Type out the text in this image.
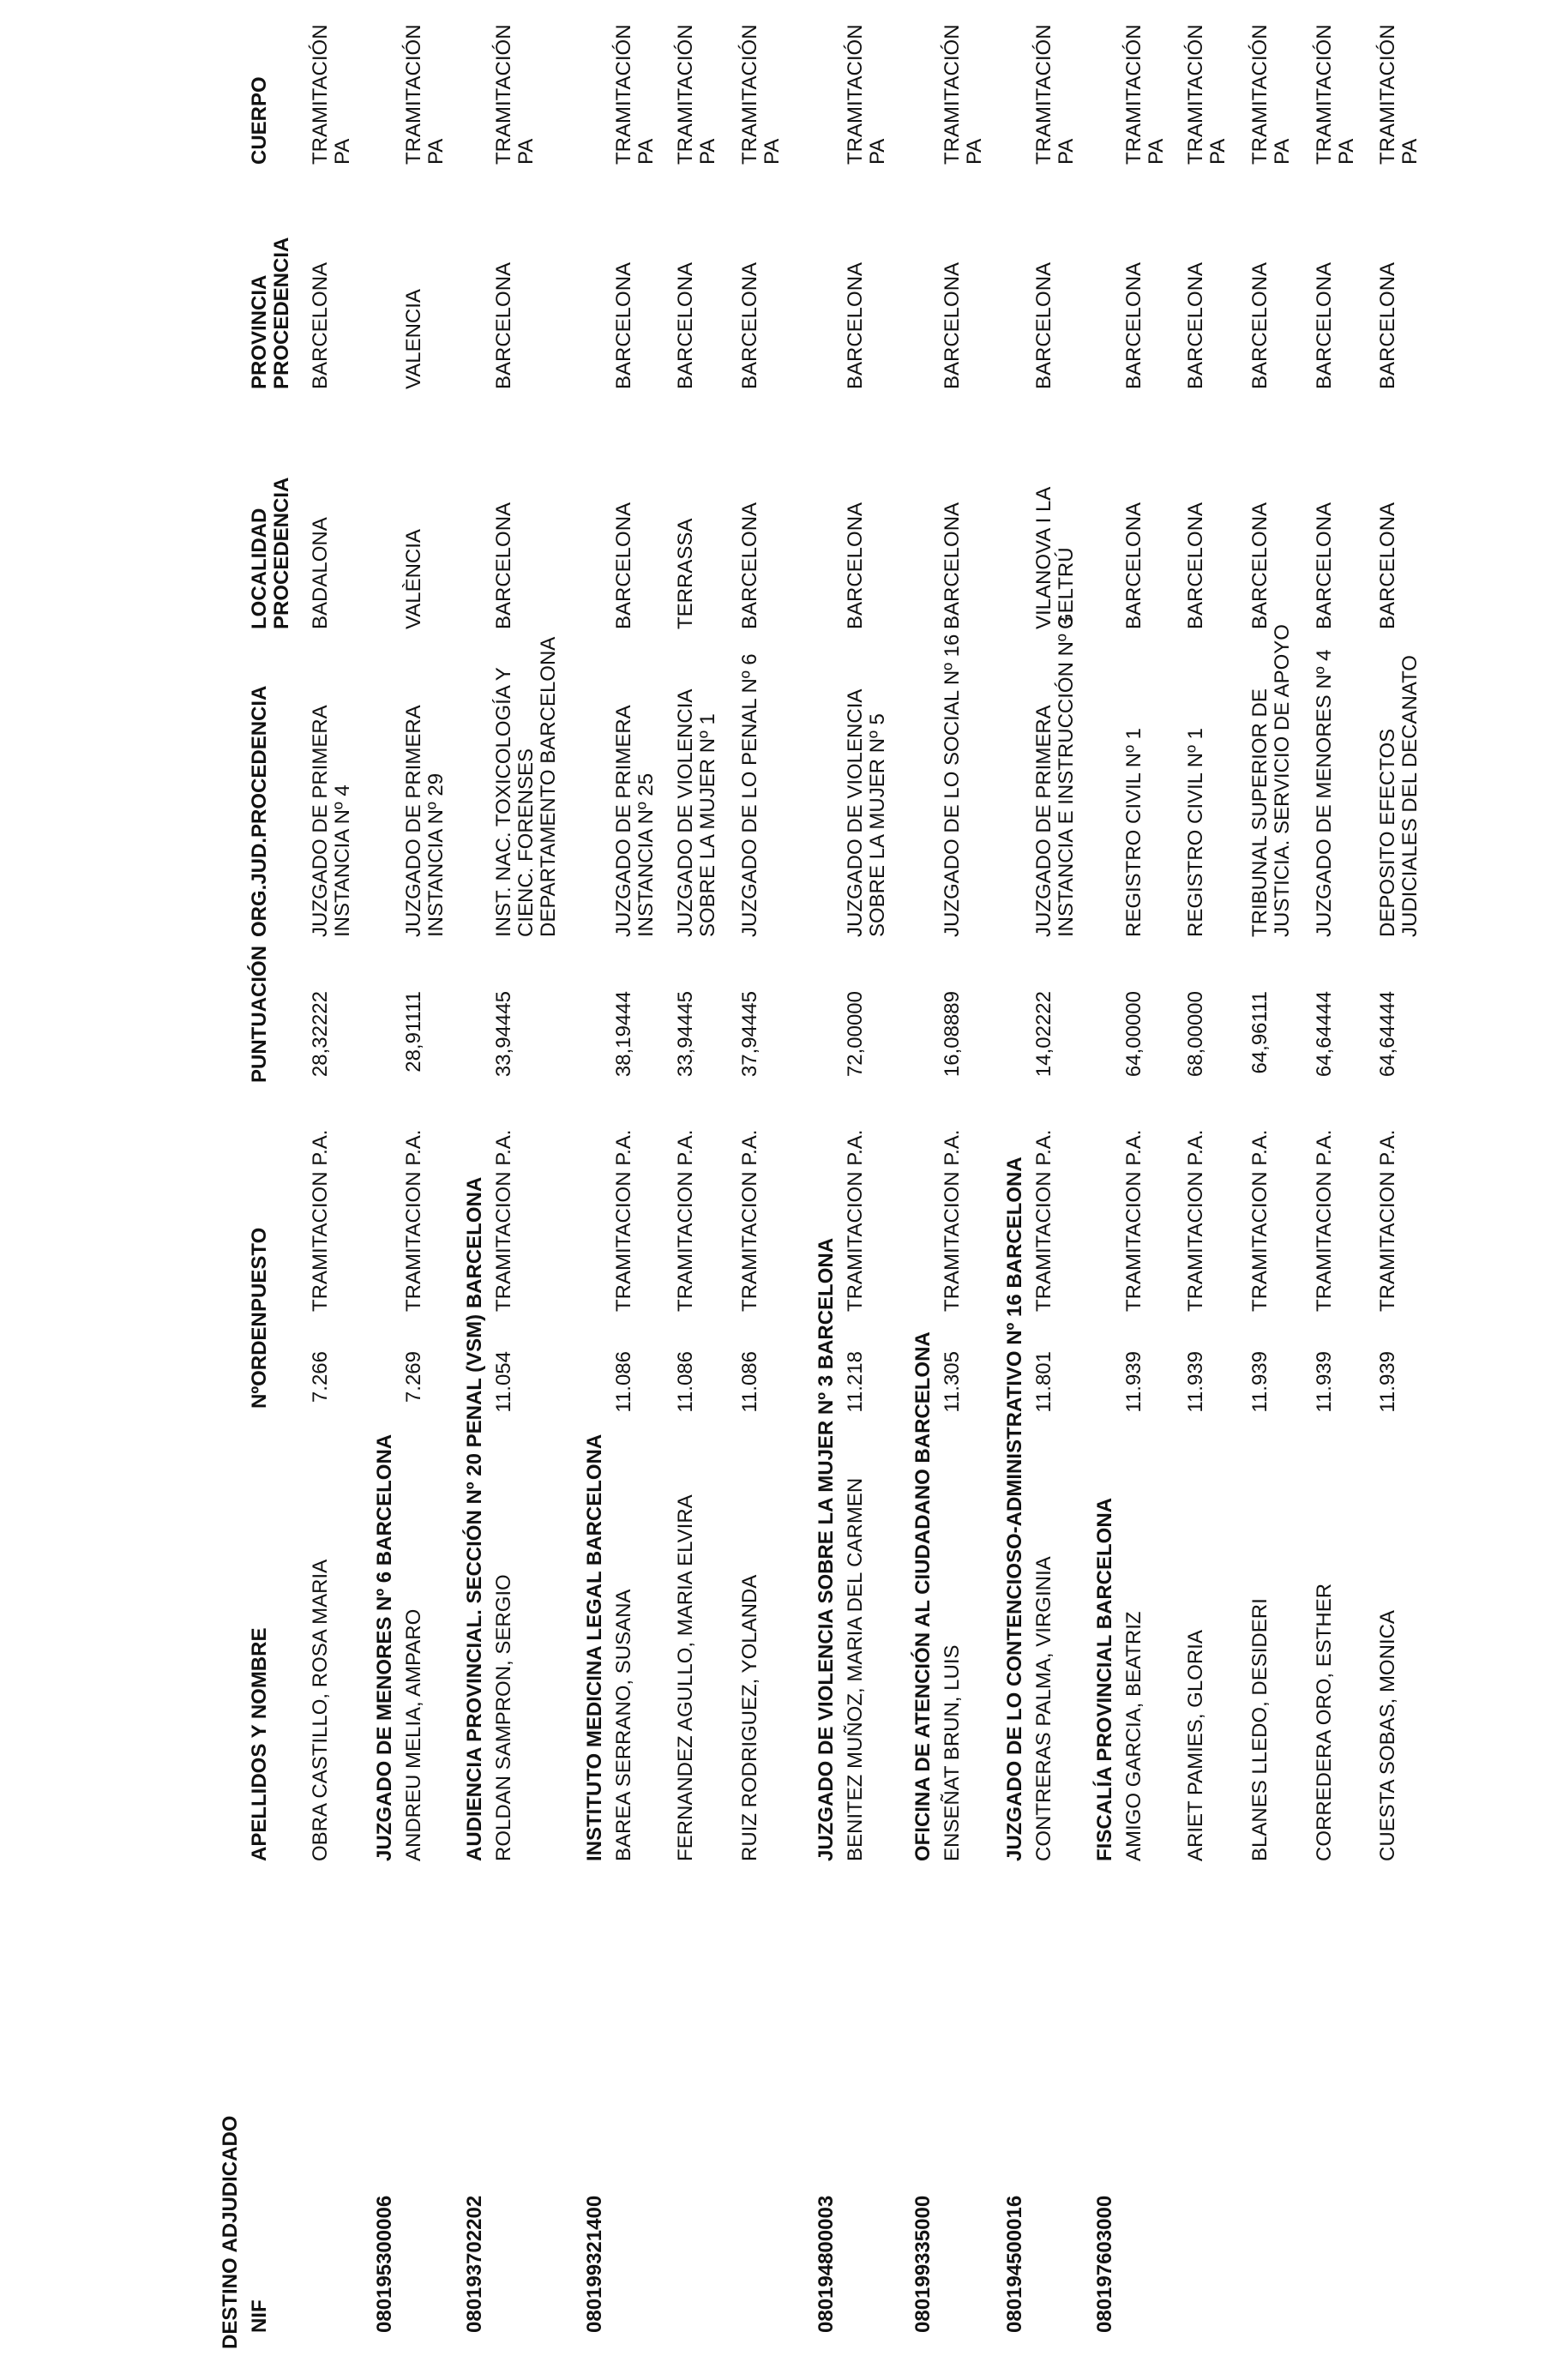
DESTINO ADJUDICADO NIF
APELLIDOS Y NOMBRE
NºORDEN
PUESTO
PUNTUACIÓN
ORG.JUD.PROCEDENCIA
LOCALIDAD PROCEDENCIA
PROVINCIA PROCEDENCIA
CUERPO
OBRA CASTILLO, ROSA MARIA
7.266
TRAMITACION P.A.
28,32222
JUZGADO DE PRIMERA INSTANCIA Nº 4
BADALONA
BARCELONA
TRAMITACIÓN PA
080195300006
JUZGADO DE MENORES Nº 6 BARCELONA ANDREU MELIA, AMPARO
7.269
TRAMITACION P.A.
28,91111
JUZGADO DE PRIMERA INSTANCIA Nº 29
VALÈNCIA
VALENCIA
TRAMITACIÓN PA
080193702202
AUDIENCIA PROVINCIAL. SECCIÓN Nº 20 PENAL (VSM) BARCELONA ROLDAN SAMPRON, SERGIO
11.054
TRAMITACION P.A.
33,94445
INST. NAC. TOXICOLOGÍA Y CIENC. FORENSES DEPARTAMENTO BARCELONA
BARCELONA
BARCELONA
TRAMITACIÓN PA
080199321400
INSTITUTO MEDICINA LEGAL BARCELONA BAREA SERRANO, SUSANA
11.086
TRAMITACION P.A.
38,19444
JUZGADO DE PRIMERA INSTANCIA Nº 25
BARCELONA
BARCELONA
TRAMITACIÓN PA
FERNANDEZ AGULLO, MARIA ELVIRA
11.086
TRAMITACION P.A.
33,94445
JUZGADO DE VIOLENCIA SOBRE LA MUJER Nº 1
TERRASSA
BARCELONA
TRAMITACIÓN PA
RUIZ RODRIGUEZ, YOLANDA
11.086
TRAMITACION P.A.
37,94445
JUZGADO DE LO PENAL Nº 6
BARCELONA
BARCELONA
TRAMITACIÓN PA
080194800003
JUZGADO DE VIOLENCIA SOBRE LA MUJER Nº 3 BARCELONA BENITEZ MUÑOZ, MARIA DEL CARMEN
11.218
TRAMITACION P.A.
72,00000
JUZGADO DE VIOLENCIA SOBRE LA MUJER Nº 5
BARCELONA
BARCELONA
TRAMITACIÓN PA
080199335000
OFICINA DE ATENCIÓN AL CIUDADANO BARCELONA ENSEÑAT BRUN, LUIS
11.305
TRAMITACION P.A.
16,08889
JUZGADO DE LO SOCIAL Nº 16
BARCELONA
BARCELONA
TRAMITACIÓN PA
080194500016
JUZGADO DE LO CONTENCIOSO-ADMINISTRATIVO Nº 16 BARCELONA CONTRERAS PALMA, VIRGINIA
11.801
TRAMITACION P.A.
14,02222
JUZGADO DE PRIMERA INSTANCIA E INSTRUCCIÓN Nº 3
VILANOVA I LA GELTRÚ
BARCELONA
TRAMITACIÓN PA
080197603000
FISCALÍA PROVINCIAL BARCELONA AMIGO GARCIA, BEATRIZ
11.939
TRAMITACION P.A.
64,00000
REGISTRO CIVIL Nº 1
BARCELONA
BARCELONA
TRAMITACIÓN PA
ARIET PAMIES, GLORIA
11.939
TRAMITACION P.A.
68,00000
REGISTRO CIVIL Nº 1
BARCELONA
BARCELONA
TRAMITACIÓN PA
BLANES LLEDO, DESIDERI
11.939
TRAMITACION P.A.
64,96111
TRIBUNAL SUPERIOR DE JUSTICIA. SERVICIO DE APOYO
BARCELONA
BARCELONA
TRAMITACIÓN PA
CORREDERA ORO, ESTHER
11.939
TRAMITACION P.A.
64,64444
JUZGADO DE MENORES Nº 4
BARCELONA
BARCELONA
TRAMITACIÓN PA
CUESTA SOBAS, MONICA
11.939
TRAMITACION P.A.
64,64444
DEPOSITO EFECTOS JUDICIALES DEL DECANATO
BARCELONA
BARCELONA
TRAMITACIÓN PA
